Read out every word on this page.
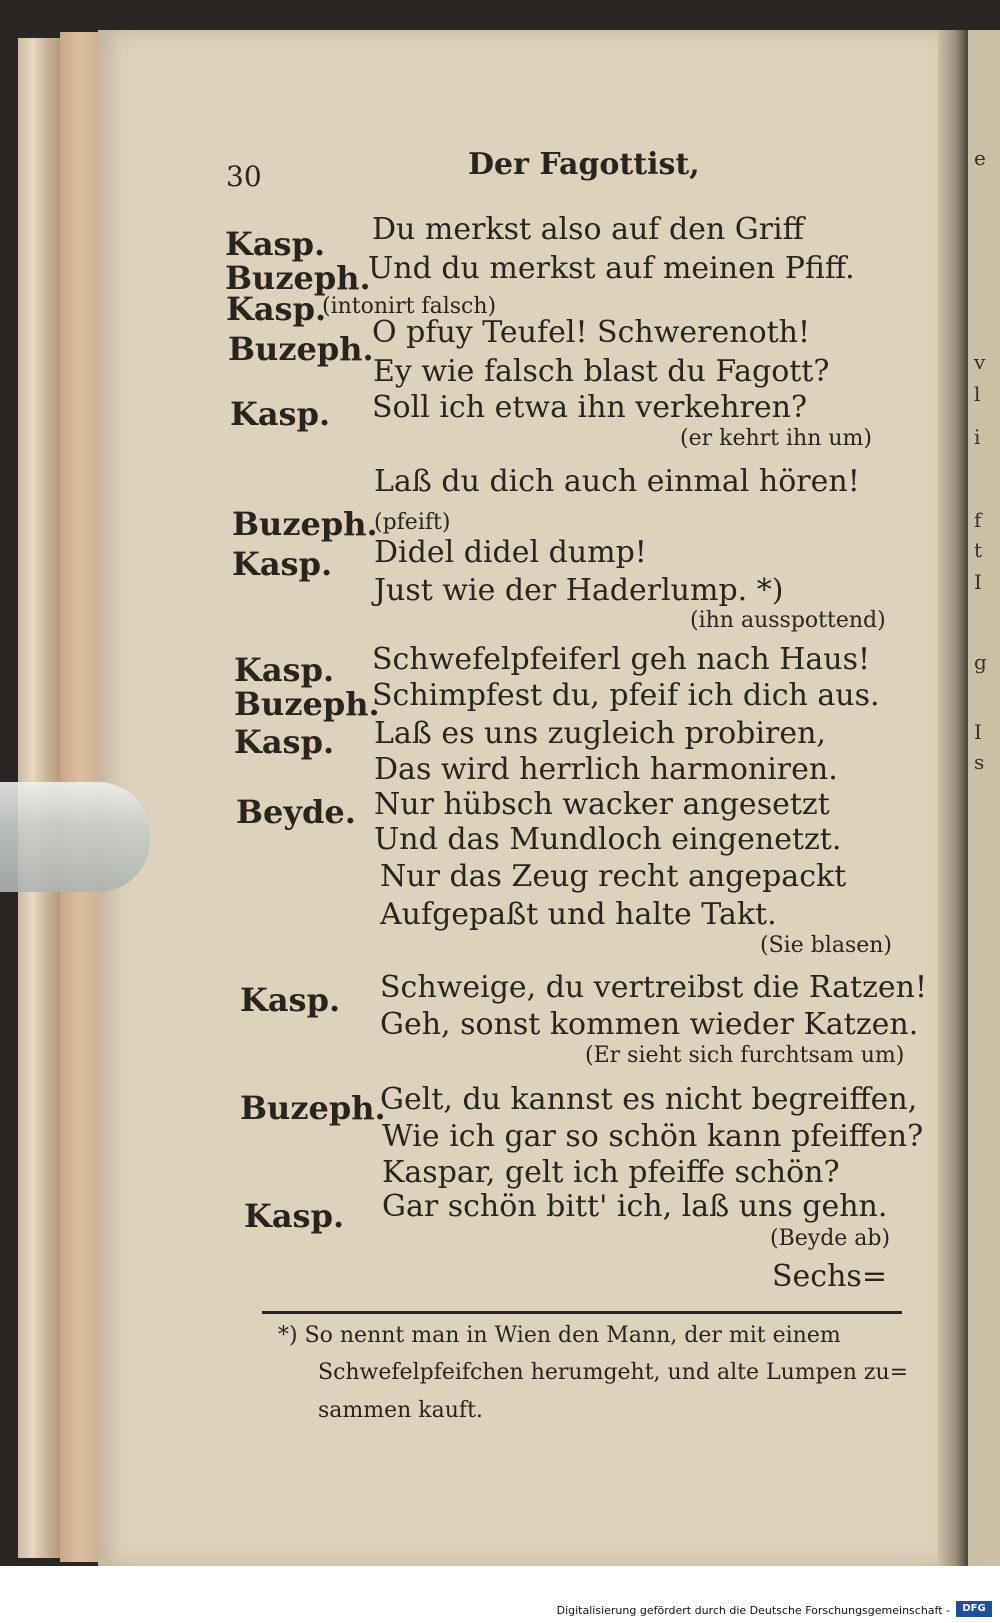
e
v
l
i
f
t
I
g
I
s
30	Der Fagottist,
Kasp. Du merkst also auf den Griff
Buzeph.
Und du merkst auf meinen Pfiff.
Kasp.
(intonirt falsch)
Buzeph.
O pfuy Teufel! Schwerenoth!
Ey wie falsch blast du Fagott?
Kasp. Soll ich etwa ihn verkehren?
(er kehrt ihn um)
Laß du dich auch einmal hören!
Buzeph.
(pfeift)
Kasp. Didel didel dump!
Just wie der Haderlump. *)
(ihn ausspottend)
Kasp. Schwefelpfeiferl geh nach Haus!
Buzeph.
Schimpfest du, pfeif ich dich aus.
Kasp. Laß es uns zugleich probiren,
Das wird herrlich harmoniren.
Beyde. Nur hübsch wacker angesetzt
Und das Mundloch eingenetzt.
Nur das Zeug recht angepackt
Aufgepaßt und halte Takt.
(Sie blasen)
Kasp. Schweige, du vertreibst die Ratzen!
Geh, sonst kommen wieder Katzen.
(Er sieht sich furchtsam um)
Buzeph.
Gelt, du kannst es nicht begreiffen,
Wie ich gar so schön kann pfeiffen?
Kaspar, gelt ich pfeiffe schön?
Kasp. Gar schön bitt' ich, laß uns gehn.
(Beyde ab)
Sechs=
*) So nennt man in Wien den Mann, der mit einem
Schwefelpfeifchen herumgeht, und alte Lumpen zu=
sammen kauft.
Digitalisierung gefördert durch die Deutsche Forschungsgemeinschaft -	DFG
